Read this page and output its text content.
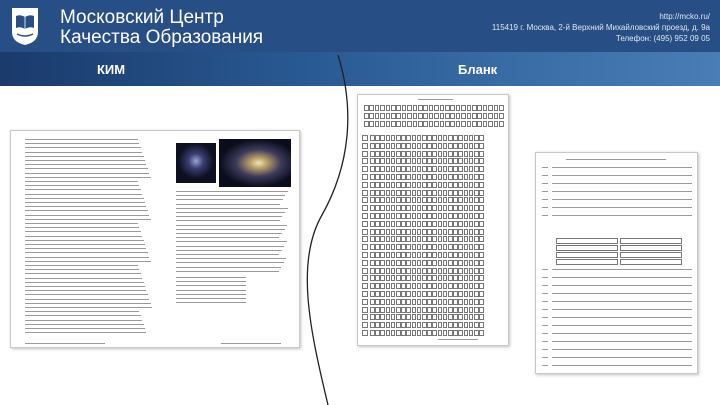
Московский Центр
Качества Образования
http://mcko.ru/
115419 г. Москва, 2-й Верхний Михайловский проезд, д. 9а
Телефон: (495) 952 09 05
КИМ	Бланк
